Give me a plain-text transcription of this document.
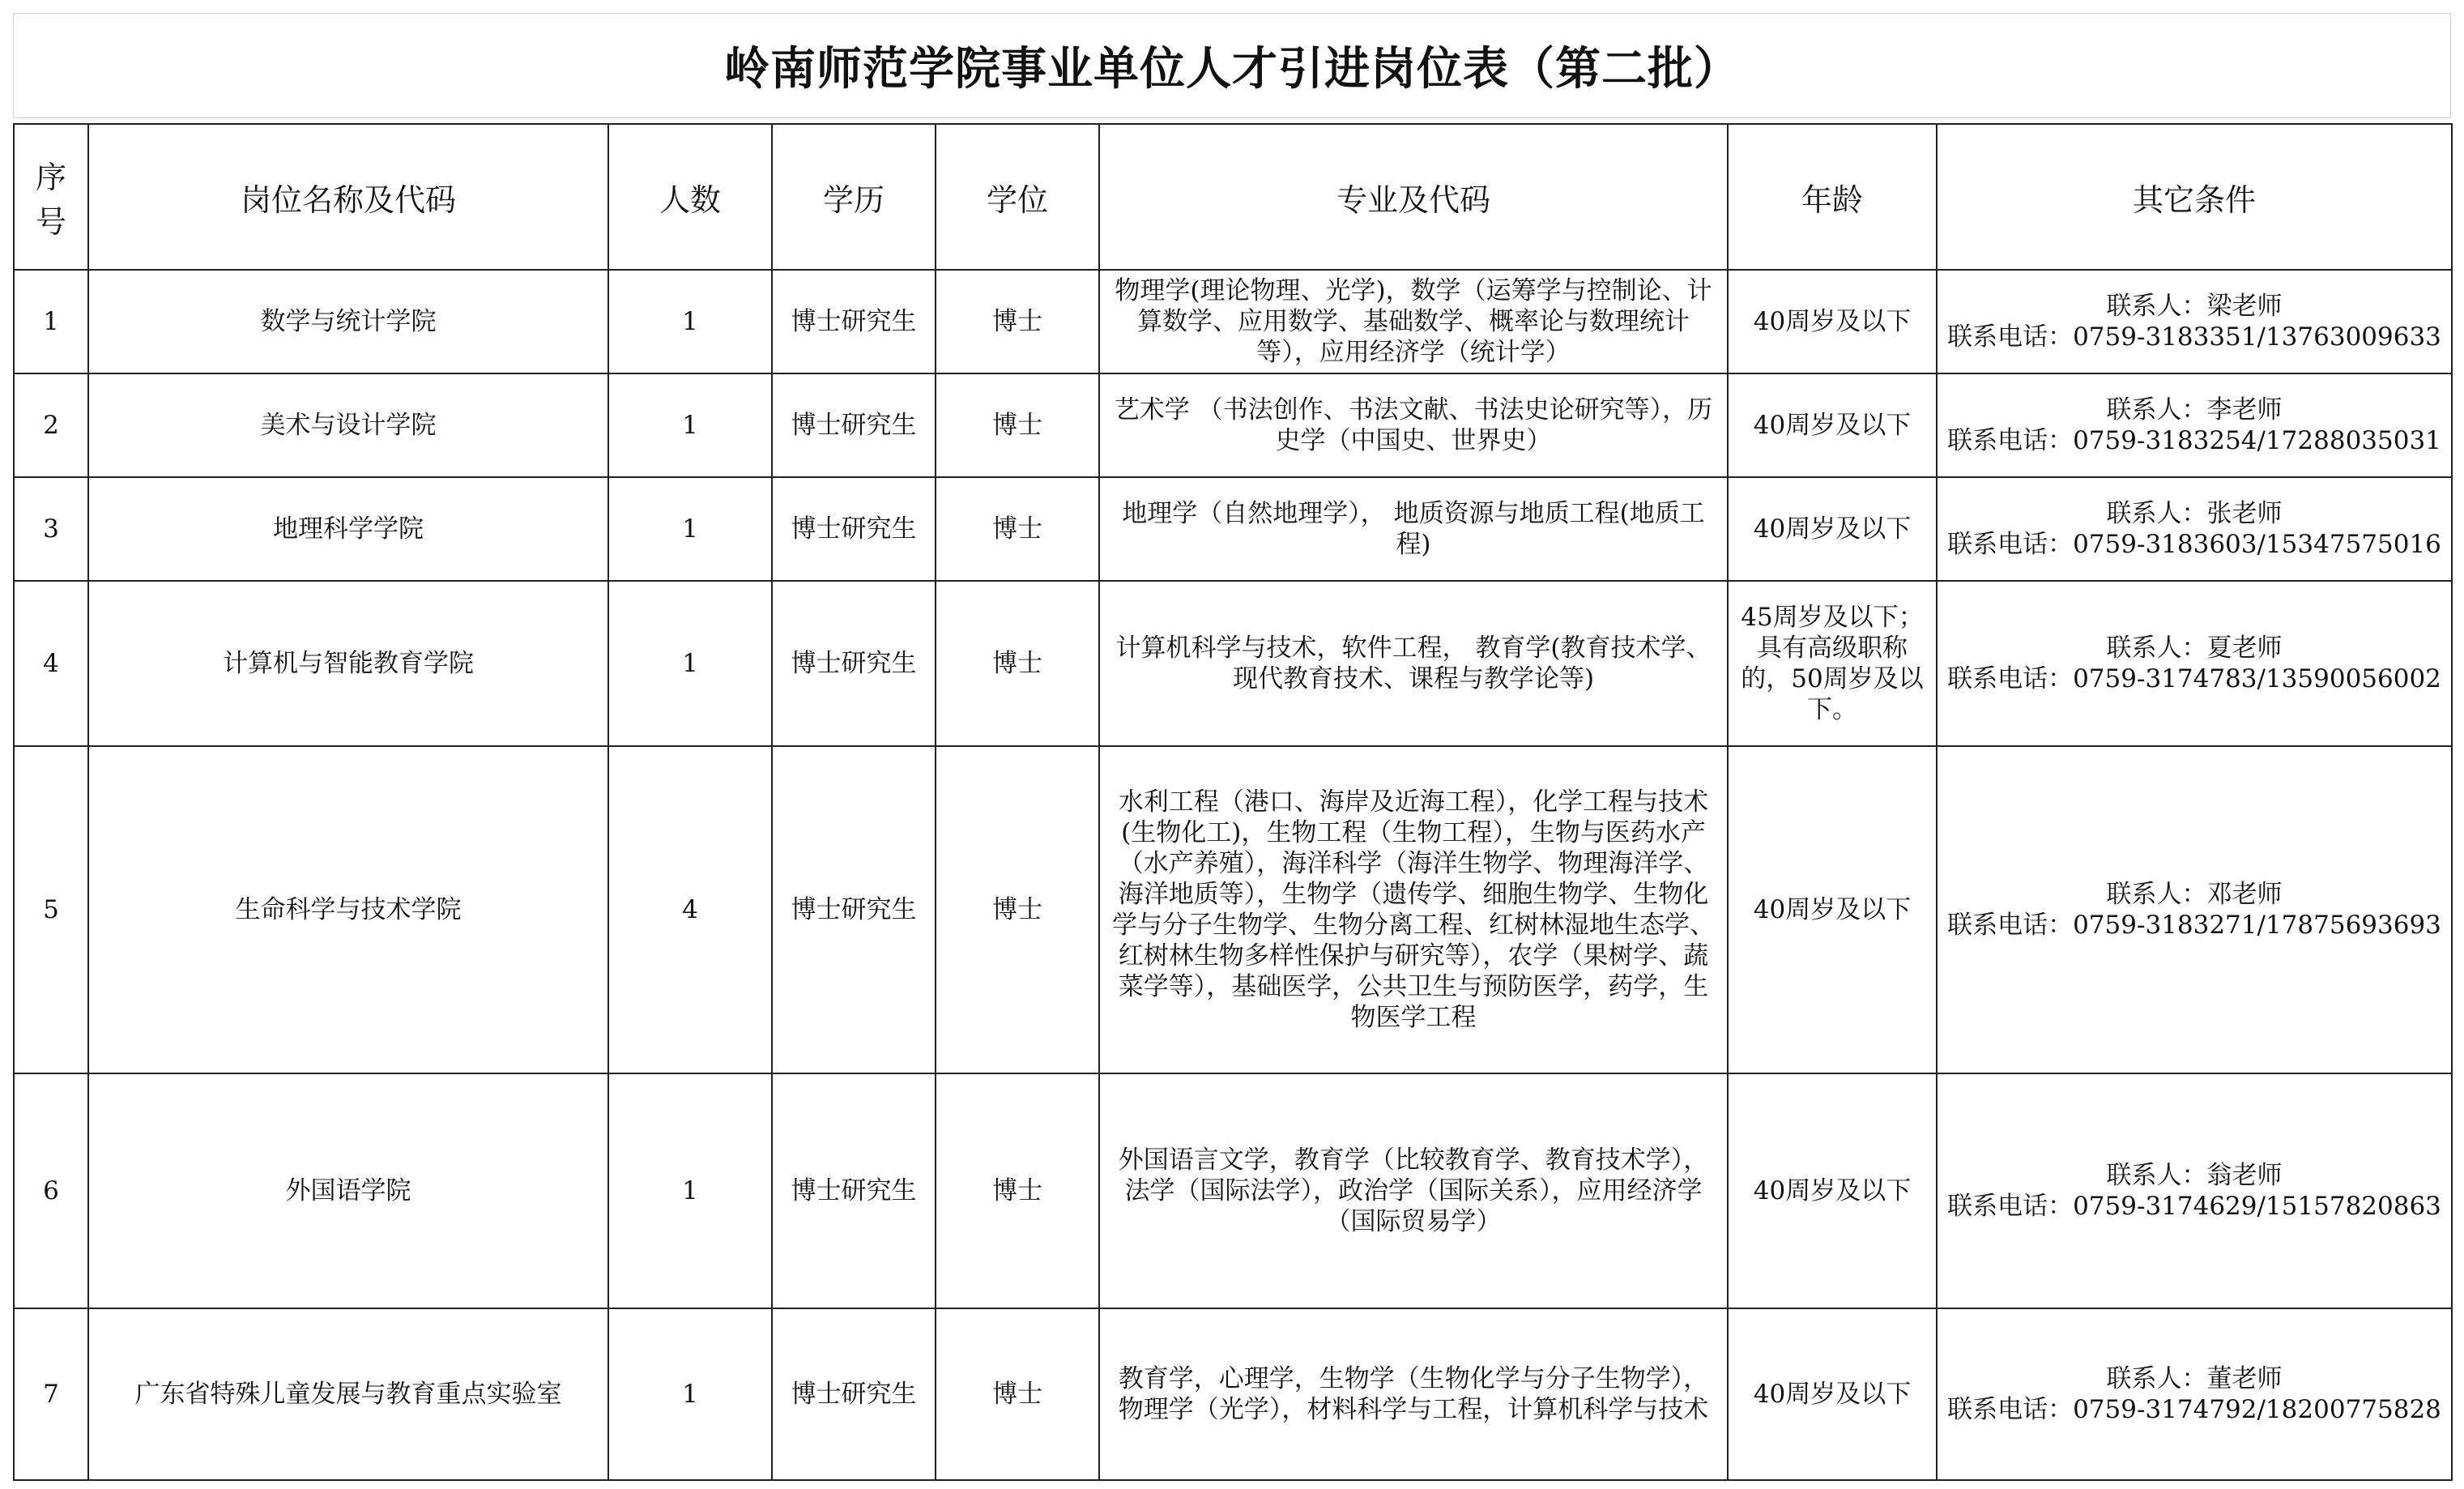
岭南师范学院事业单位人才引进岗位表（第二批）
序号	岗位名称及代码	人数	学历	学位	专业及代码	年龄	其它条件
1	数学与统计学院	1	博士研究生	博士	物理学(理论物理、光学)，数学（运筹学与控制论、计算数学、应用数学、基础数学、概率论与数理统计等），应用经济学（统计学）	40周岁及以下	联系人：梁老师
联系电话：0759-3183351/13763009633

2	美术与设计学院	1	博士研究生	博士	艺术学 （书法创作、书法文献、书法史论研究等），历史学（中国史、世界史）	40周岁及以下	联系人：李老师
联系电话：0759-3183254/17288035031

3	地理科学学院	1	博士研究生	博士	地理学（自然地理学）， 地质资源与地质工程(地质工程)	40周岁及以下	联系人：张老师
联系电话：0759-3183603/15347575016

4	计算机与智能教育学院	1	博士研究生	博士	计算机科学与技术，软件工程， 教育学(教育技术学、现代教育技术、课程与教学论等)	45周岁及以下；具有高级职称的，50周岁及以下。	联系人：夏老师
联系电话：0759-3174783/13590056002

5	生命科学与技术学院	4	博士研究生	博士	水利工程（港口、海岸及近海工程），化学工程与技术(生物化工)，生物工程（生物工程），生物与医药水产（水产养殖），海洋科学（海洋生物学、物理海洋学、海洋地质等），生物学（遗传学、细胞生物学、生物化学与分子生物学、生物分离工程、红树林湿地生态学、红树林生物多样性保护与研究等），农学（果树学、蔬菜学等），基础医学，公共卫生与预防医学，药学，生物医学工程	40周岁及以下	联系人：邓老师
联系电话：0759-3183271/17875693693

6	外国语学院	1	博士研究生	博士	外国语言文学，教育学（比较教育学、教育技术学），法学（国际法学），政治学（国际关系），应用经济学（国际贸易学）	40周岁及以下	联系人：翁老师
联系电话：0759-3174629/15157820863

7	广东省特殊儿童发展与教育重点实验室	1	博士研究生	博士	教育学，心理学，生物学（生物化学与分子生物学），物理学（光学），材料科学与工程，计算机科学与技术	40周岁及以下	联系人：董老师
联系电话：0759-3174792/18200775828
